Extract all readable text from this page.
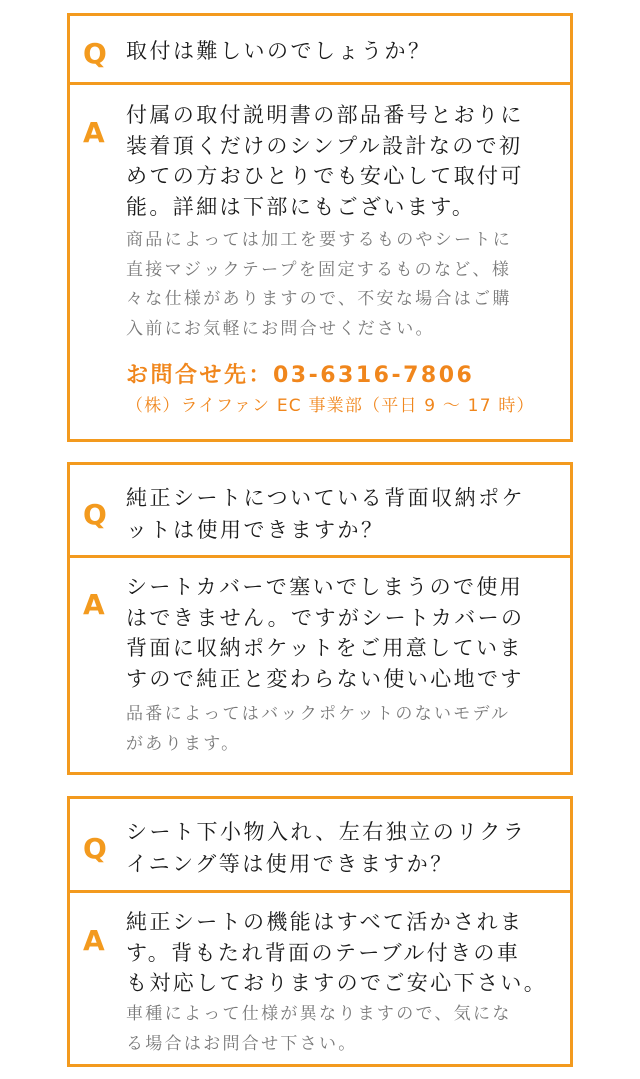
Q 取付は難しいのでしょうか？
A
付属の取付説明書の部品番号とおりに
装着頂くだけのシンプル設計なので初
めての方おひとりでも安心して取付可
能。詳細は下部にもございます。
商品によっては加工を要するものやシートに
直接マジックテープを固定するものなど、様
々な仕様がありますので、不安な場合はご購
入前にお気軽にお問合せください。
お問合せ先：03-6316-7806
（株）ライファン EC 事業部（平日 9 〜 17 時）
Q 純正シートについている背面収納ポケ
ットは使用できますか？
A
シートカバーで塞いでしまうので使用
はできません。ですがシートカバーの
背面に収納ポケットをご用意していま
すので純正と変わらない使い心地です
品番によってはバックポケットのないモデル
があります。
Q シート下小物入れ、左右独立のリクラ
イニング等は使用できますか？
A
純正シートの機能はすべて活かされま
す。背もたれ背面のテーブル付きの車
も対応しておりますのでご安心下さい。
車種によって仕様が異なりますので、気にな
る場合はお問合せ下さい。
